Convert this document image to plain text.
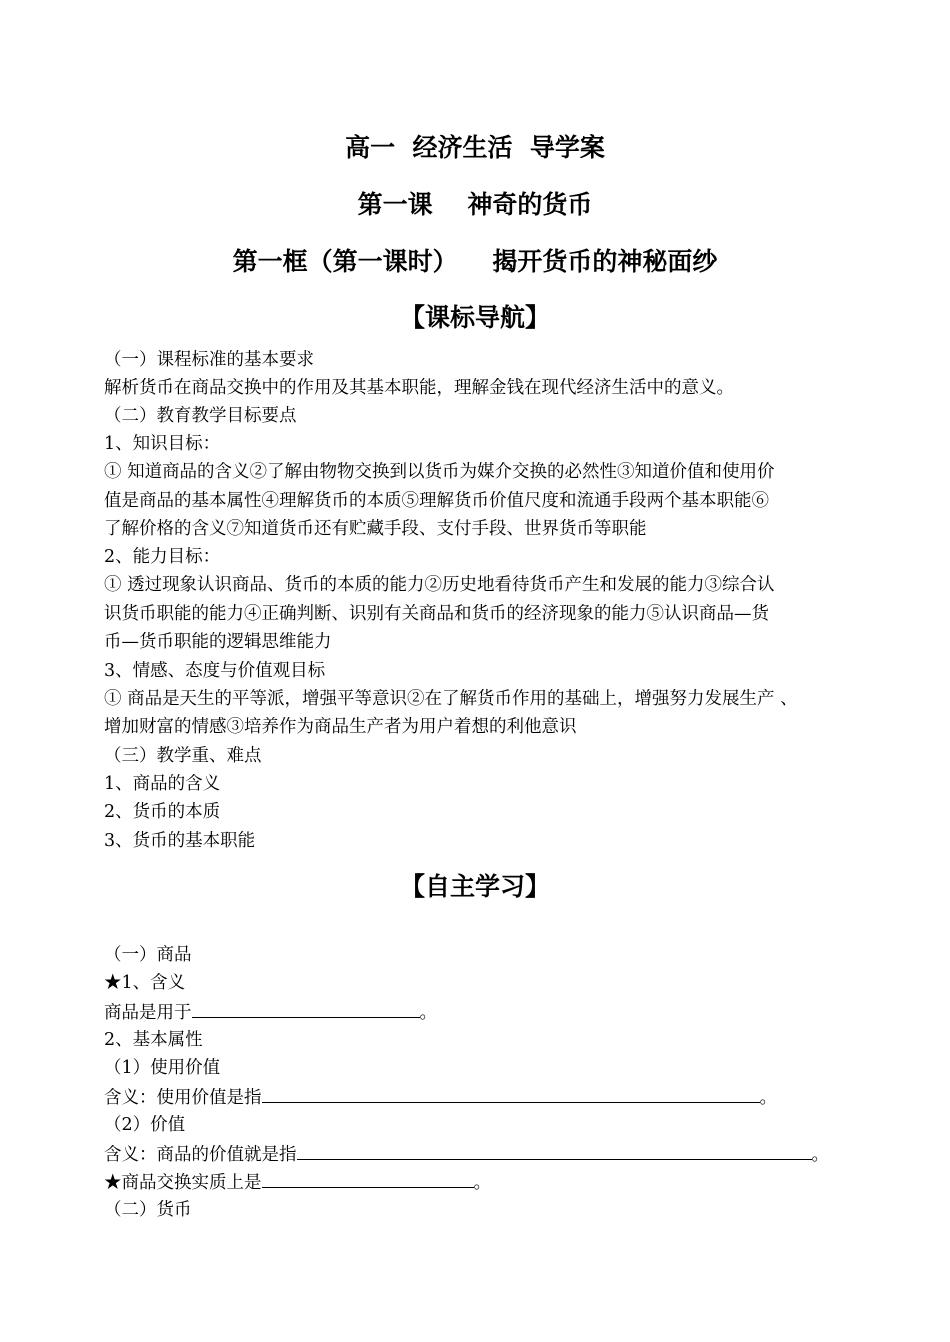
高一  经济生活  导学案
第一课    神奇的货币
第一框（第一课时）    揭开货币的神秘面纱
【课标导航】
（一）课程标准的基本要求
解析货币在商品交换中的作用及其基本职能，理解金钱在现代经济生活中的意义。
（二）教育教学目标要点
1、知识目标：
① 知道商品的含义②了解由物物交换到以货币为媒介交换的必然性③知道价值和使用价
值是商品的基本属性④理解货币的本质⑤理解货币价值尺度和流通手段两个基本职能⑥
了解价格的含义⑦知道货币还有贮藏手段、支付手段、世界货币等职能
2、能力目标：
① 透过现象认识商品、货币的本质的能力②历史地看待货币产生和发展的能力③综合认
识货币职能的能力④正确判断、识别有关商品和货币的经济现象的能力⑤认识商品—货
币—货币职能的逻辑思维能力
3、情感、态度与价值观目标
① 商品是天生的平等派，增强平等意识②在了解货币作用的基础上，增强努力发展生产 、
增加财富的情感③培养作为商品生产者为用户着想的利他意识
（三）教学重、难点
1、商品的含义
2、货币的本质
3、货币的基本职能
【自主学习】
（一）商品
★1、含义
商品是用于	。
2、基本属性
（1）使用价值
含义：使用价值是指	。
（2）价值
含义：商品的价值就是指	。
★商品交换实质上是	。
（二）货币
